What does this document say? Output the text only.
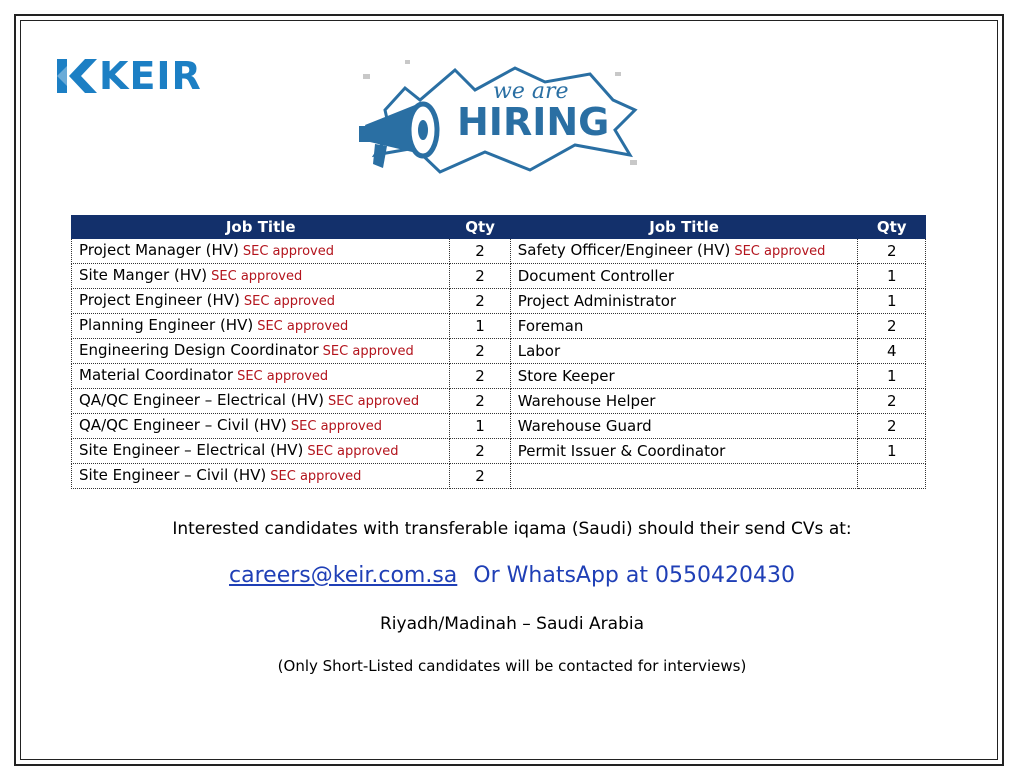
KEIR	we are
HIRING
Job Title	Qty	Job Title	Qty
Project Manager (HV) SEC approved	2	Safety Officer/Engineer (HV) SEC approved	2
Site Manger (HV) SEC approved	2	Document Controller	1
Project Engineer (HV) SEC approved	2	Project Administrator	1
Planning Engineer (HV) SEC approved	1	Foreman	2
Engineering Design Coordinator SEC approved	2	Labor	4
Material Coordinator SEC approved	2	Store Keeper	1
QA/QC Engineer – Electrical (HV) SEC approved	2	Warehouse Helper	2
QA/QC Engineer – Civil (HV) SEC approved	1	Warehouse Guard	2
Site Engineer – Electrical (HV) SEC approved	2	Permit Issuer & Coordinator	1
Site Engineer – Civil (HV) SEC approved	2		
Interested candidates with transferable iqama (Saudi) should their send CVs at:
careers@keir.com.sa Or WhatsApp at 0550420430
Riyadh/Madinah – Saudi Arabia
(Only Short-Listed candidates will be contacted for interviews)
